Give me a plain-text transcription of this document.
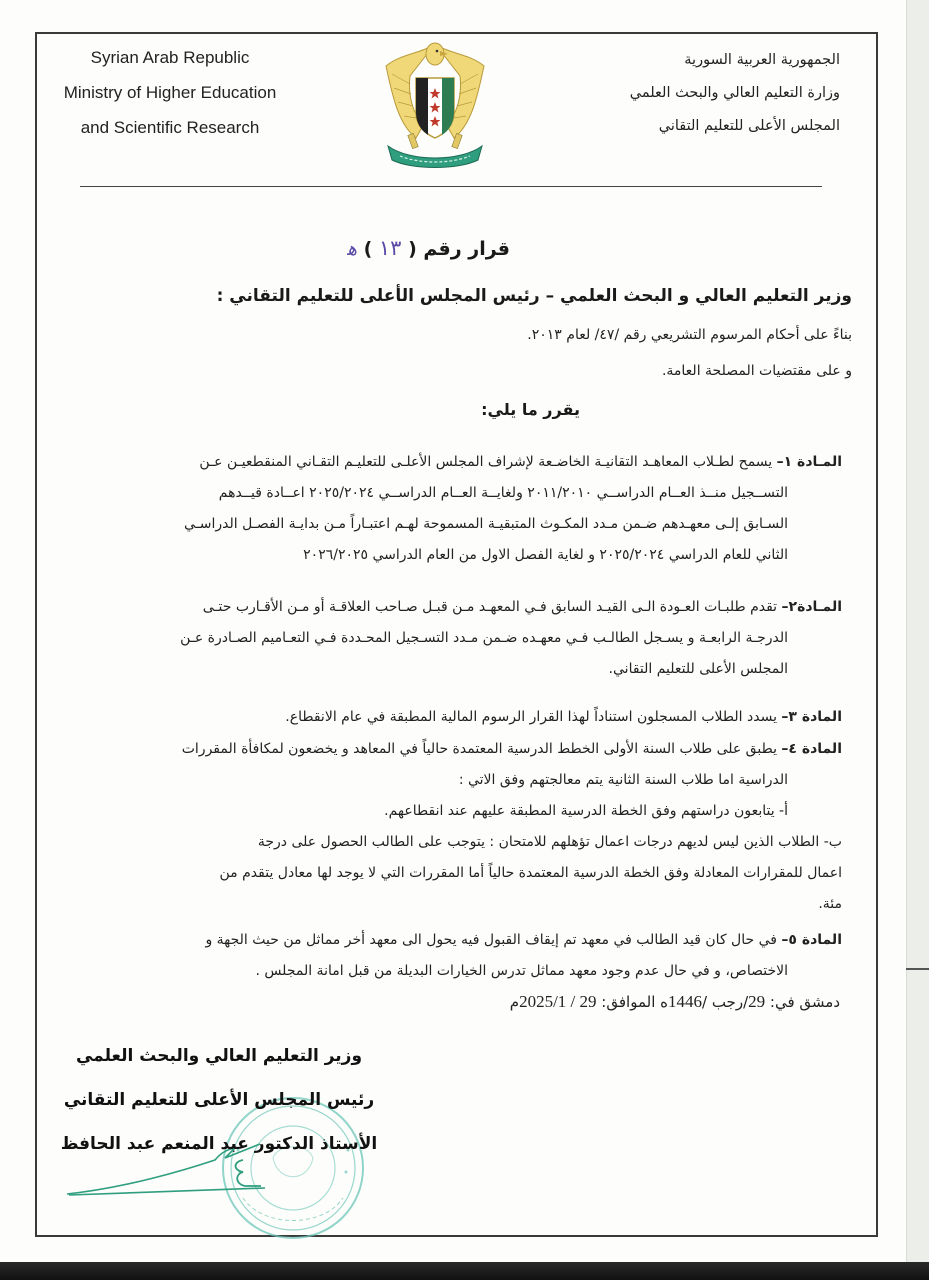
Syrian Arab Republic
Ministry of Higher Education
and Scientific Research
الجمهورية العربية السورية
وزارة التعليم العالي والبحث العلمي
المجلس الأعلى للتعليم التقاني
قرار رقم ( ١٣ ) ﻫ
وزير التعليم العالي و البحث العلمي – رئيس المجلس الأعلى للتعليم التقاني :
بناءً على أحكام المرسوم التشريعي رقم /٤٧/ لعام ٢٠١٣.
و على مقتضيات المصلحة العامة.
يقرر ما يلي:
المـادة ١– يسمح لطـلاب المعاهـد التقانيـة الخاضـعة لإشراف المجلس الأعلـى للتعليـم التقـاني المنقطعيـن عـن
التســجيل منــذ العــام الدراســي ٢٠١١/٢٠١٠ ولغايــة العــام الدراســي ٢٠٢٥/٢٠٢٤ اعــادة قيــدهم
السـابق إلـى معهـدهم ضـمن مـدد المكـوث المتبقيـة المسموحة لهـم اعتبـاراً مـن بدايـة الفصـل الدراسـي
الثاني للعام الدراسي ٢٠٢٥/٢٠٢٤ و لغاية الفصل الاول من العام الدراسي ٢٠٢٦/٢٠٢٥
المـادة٢– تقدم طلبـات العـودة الـى القيـد السابق فـي المعهـد مـن قبـل صـاحب العلاقـة أو مـن الأقـارب حتـى
الدرجـة الرابعـة و يسـجل الطالـب فـي معهـده ضـمن مـدد التسـجيل المحـددة فـي التعـاميم الصـادرة عـن
المجلس الأعلى للتعليم التقاني.
المادة ٣– يسدد الطلاب المسجلون استناداً لهذا القرار الرسوم المالية المطبقة في عام الانقطاع.
المادة ٤– يطبق على طلاب السنة الأولى الخطط الدرسية المعتمدة حالياً في المعاهد و يخضعون لمكافأة المقررات
الدراسية اما طلاب السنة الثانية يتم معالجتهم وفق الاتي :
أ- يتابعون دراستهم وفق الخطة الدرسية المطبقة عليهم عند انقطاعهم.
ب- الطلاب الذين ليس لديهم درجات اعمال تؤهلهم للامتحان : يتوجب على الطالب الحصول على درجة
اعمال للمقرارات المعادلة وفق الخطة الدرسية المعتمدة حالياً أما المقررات التي لا يوجد لها معادل يتقدم من
مئة.
المادة ٥– في حال كان قيد الطالب في معهد تم إيقاف القبول فيه يحول الى معهد أخر مماثل من حيث الجهة و
الاختصاص، و في حال عدم وجود معهد مماثل تدرس الخيارات البديلة من قبل امانة المجلس .
دمشق في: 29/رجب /1446ه الموافق: 29 / 2025/1م
وزير التعليم العالي والبحث العلمي
رئيس المجلس الأعلى للتعليم التقاني
الأستاذ الدكتور عبد المنعم عبد الحافظ
